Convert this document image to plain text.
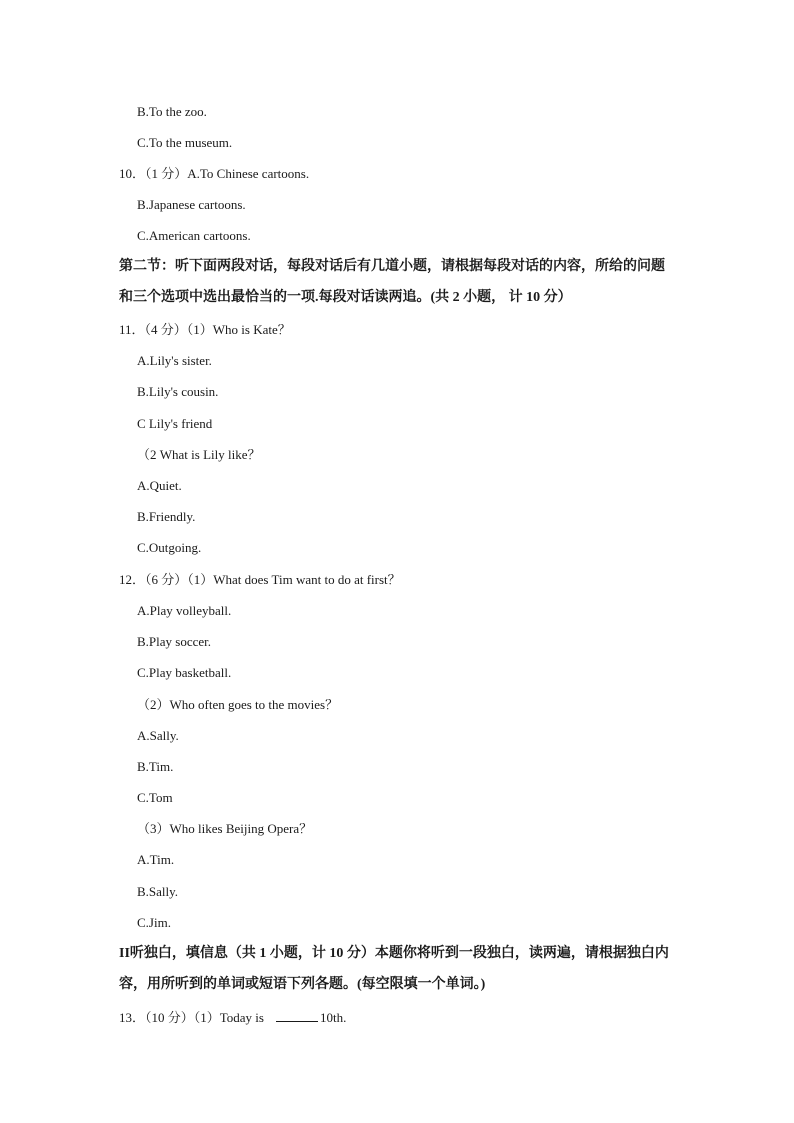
B.To the zoo.
C.To the museum.
10．（1 分）A.To Chinese cartoons.
B.Japanese cartoons.
C.American cartoons.
第二节：听下面两段对话，每段对话后有几道小题，请根据每段对话的内容，所给的问题
和三个选项中选出最恰当的一项.每段对话读两追。(共 2 小题， 计 10 分）
11．（4 分）（1）Who is Kate？
A.Lily's sister.
B.Lily's cousin.
C Lily's friend
（2 What is Lily like？
A.Quiet.
B.Friendly.
C.Outgoing.
12．（6 分）（1）What does Tim want to do at first？
A.Play volleyball.
B.Play soccer.
C.Play basketball.
（2）Who often goes to the movies？
A.Sally.
B.Tim.
C.Tom
（3）Who likes Beijing Opera？
A.Tim.
B.Sally.
C.Jim.
II听独白，填信息（共 1 小题，计 10 分）本题你将听到一段独白，读两遍，请根据独白内
容，用所听到的单词或短语下列各题。(每空限填一个单词。)
13．（10 分）（1）Today is	10th.
